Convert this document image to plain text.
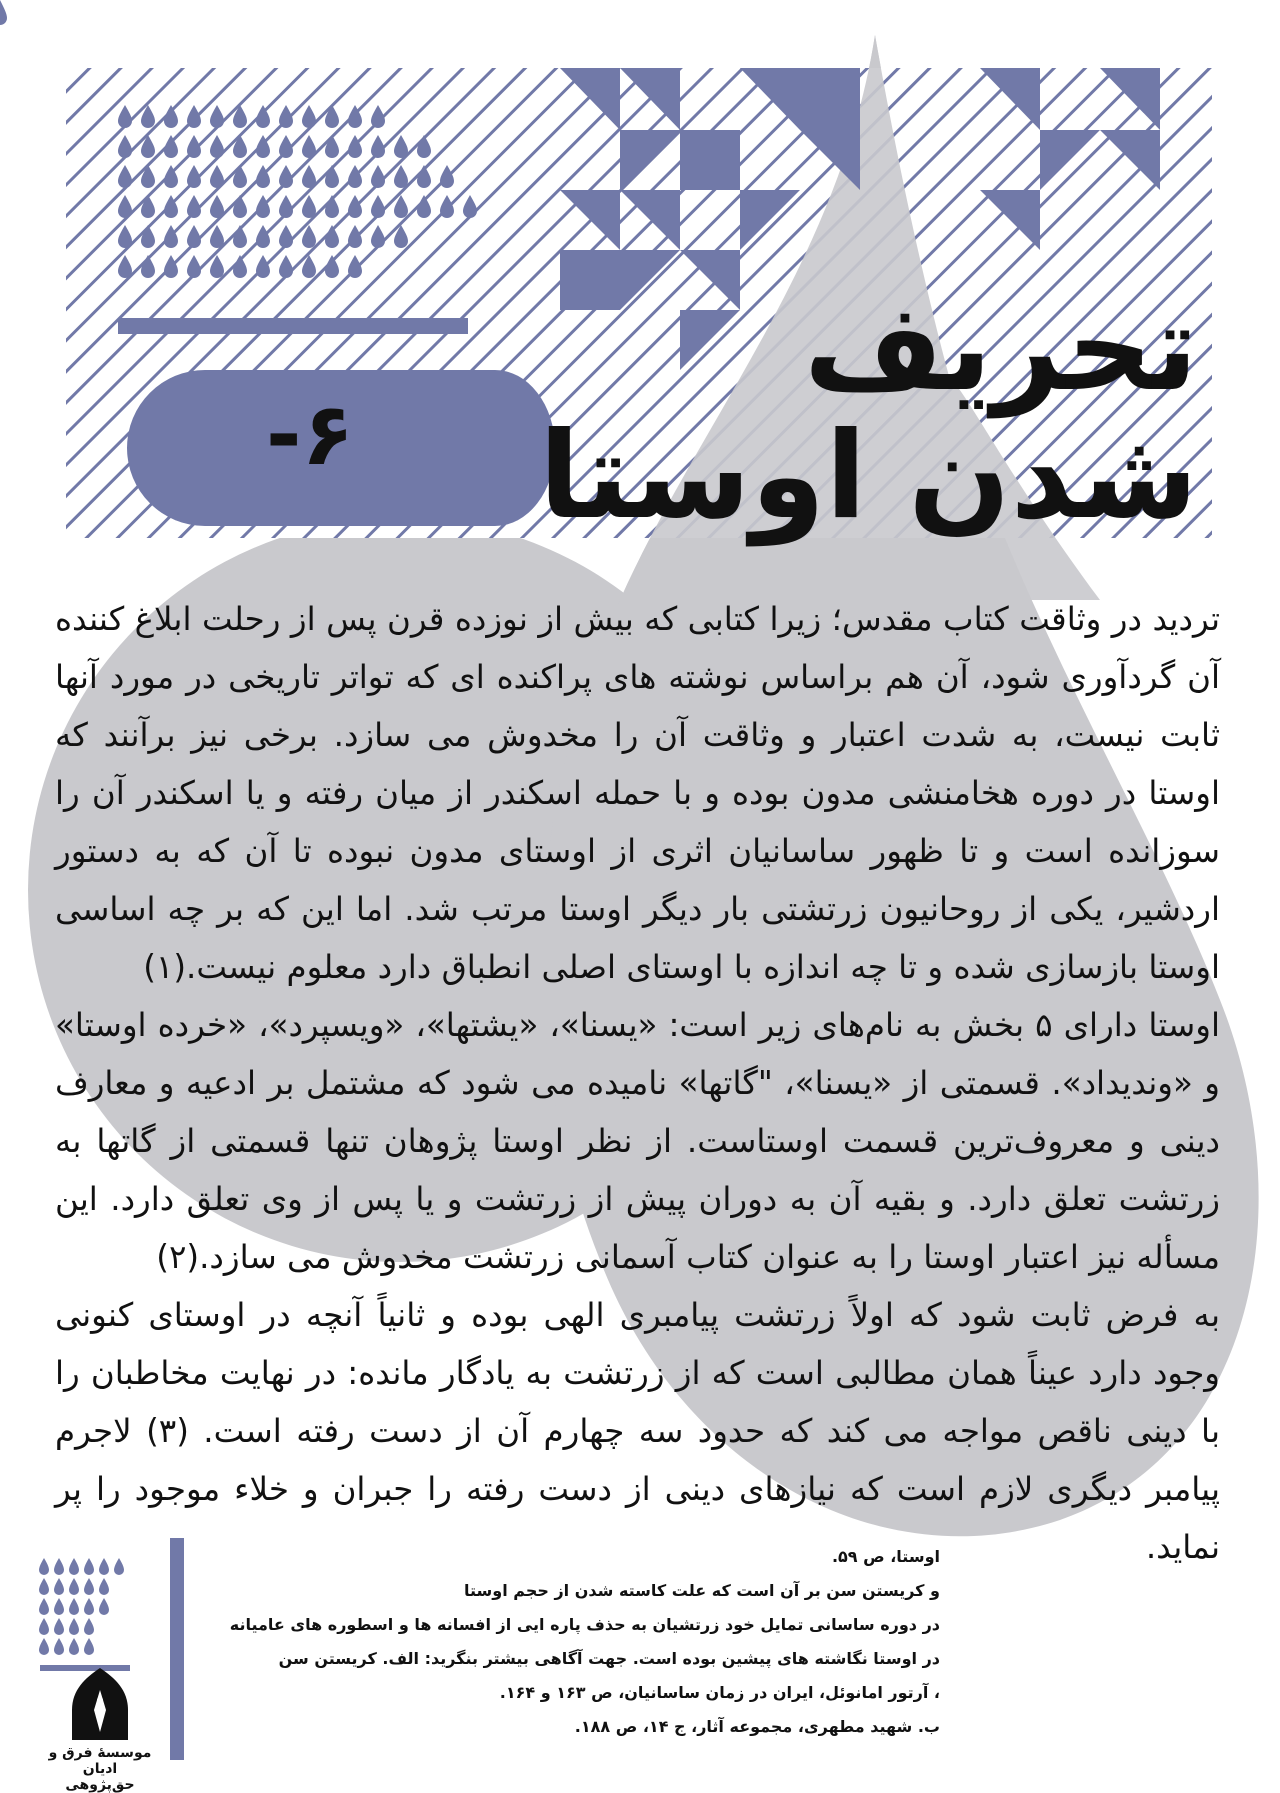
تحریف
شدن اوستا
۶-

تردید در وثاقت کتاب مقدس؛ زیرا کتابی که بیش از نوزده قرن پس از رحلت ابلاغ کننده آن گردآوری شود، آن هم براساس نوشته های پراکنده ای که تواتر تاریخی در مورد آنها ثابت نیست، به شدت اعتبار و وثاقت آن را مخدوش می سازد. برخی نیز برآنند که اوستا در دوره هخامنشی مدون بوده و با حمله اسکندر از میان رفته و یا اسکندر آن را سوزانده است و تا ظهور ساسانیان اثری از اوستای مدون نبوده تا آن که به دستور اردشیر، یکی از روحانیون زرتشتی بار دیگر اوستا مرتب شد. اما این که بر چه اساسی اوستا بازسازی شده و تا چه اندازه با اوستای اصلی انطباق دارد معلوم نیست.(۱)

اوستا دارای ۵ بخش به نام‌های زیر است: «یسنا»، «یشتها»، «ویسپرد»، «خرده اوستا» و «وندیداد». قسمتی از «یسنا»، "گاتها» نامیده می شود که مشتمل بر ادعیه و معارف دینی و معروف‌ترین قسمت اوستاست. از نظر اوستا پژوهان تنها قسمتی از گاتها به زرتشت تعلق دارد. و بقیه آن به دوران پیش از زرتشت و یا پس از وی تعلق دارد. این مسأله نیز اعتبار اوستا را به عنوان کتاب آسمانی زرتشت مخدوش می سازد.(۲)

به فرض ثابت شود که اولاً زرتشت پیامبری الهی بوده و ثانیاً آنچه در اوستای کنونی وجود دارد عیناً همان مطالبی است که از زرتشت به یادگار مانده: در نهایت مخاطبان را با دینی ناقص مواجه می کند که حدود سه چهارم آن از دست رفته است. (۳) لاجرم پیامبر دیگری لازم است که نیازهای دینی از دست رفته را جبران و خلاء موجود را پر نماید.

اوستا، ص ۵۹.
و کریستن سن بر آن است که علت کاسته شدن از حجم اوستا
در دوره ساسانی تمایل خود زرتشیان به حذف پاره ‌ایی از افسانه ها و اسطوره های عامیانه
در اوستا نگاشته های پیشین بوده است. جهت آگاهی بیشتر بنگرید: الف. کریستن سن
، آرتور امانوئل، ایران در زمان ساسانیان، ص ۱۶۳ و ۱۶۴.
ب. شهید مطهری، مجموعه آثار، ج ۱۴، ص ۱۸۸.
موسسهٔ فرق و ادیان
حق‌پژوهی
